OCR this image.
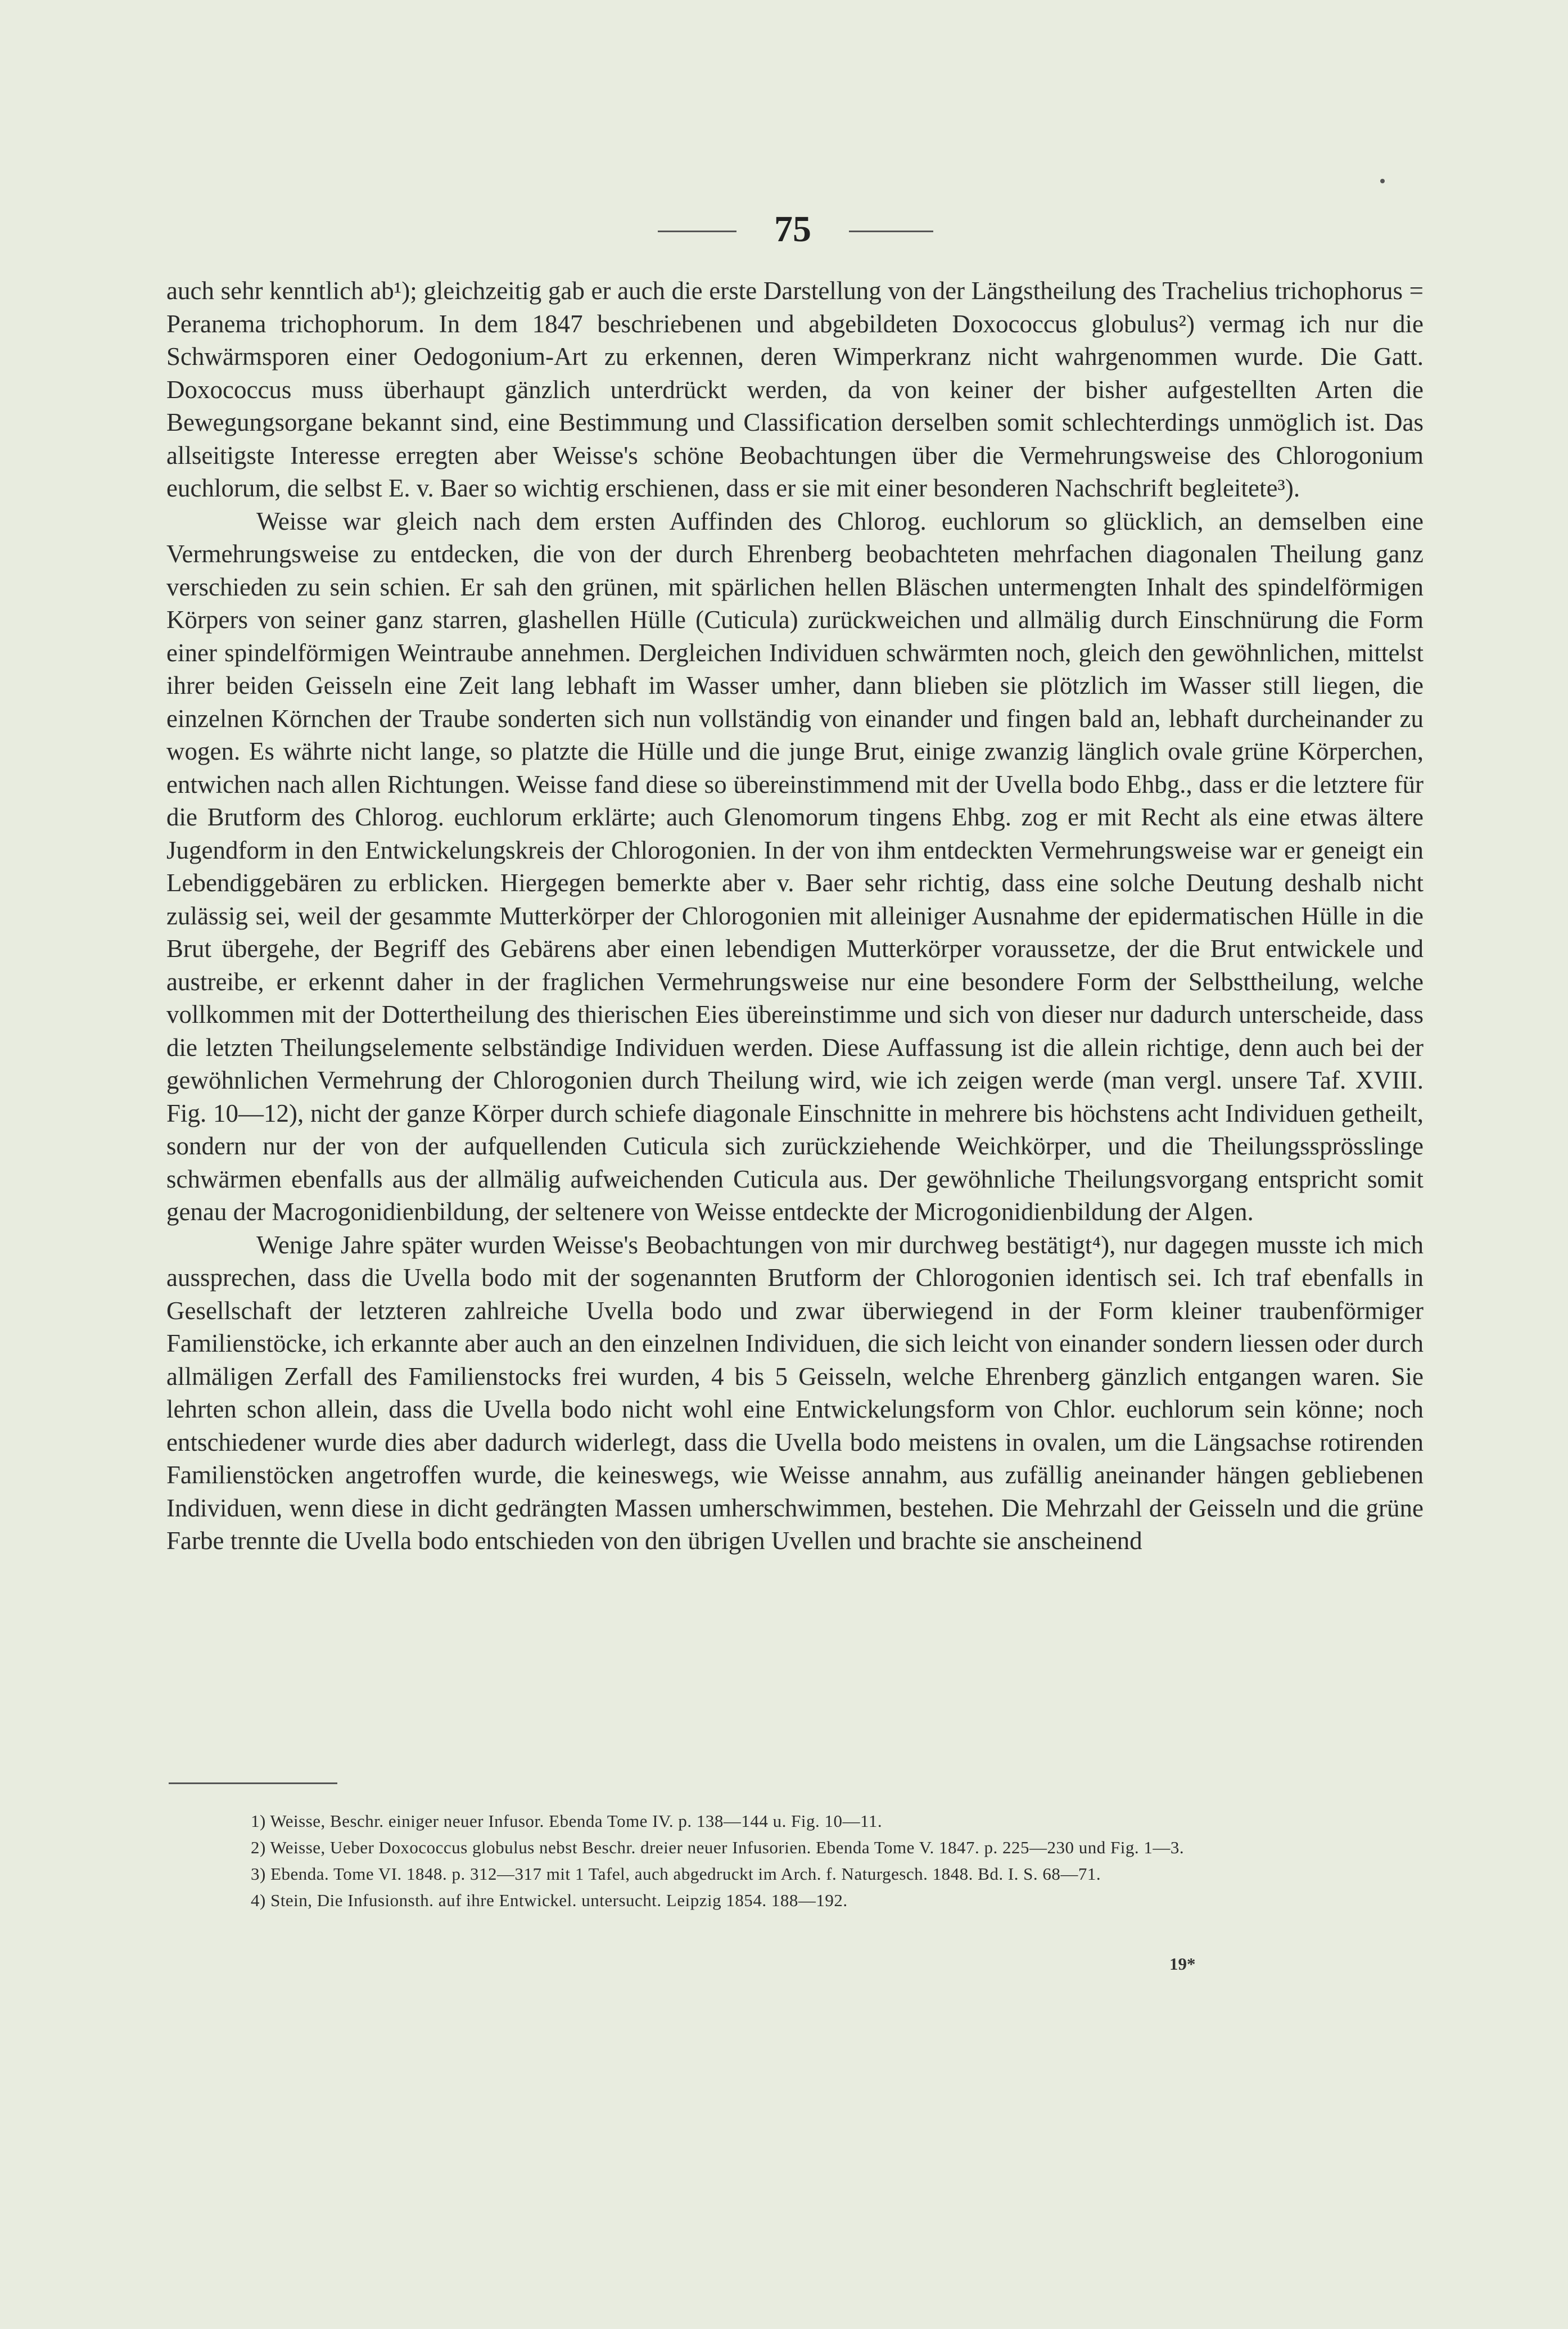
75

auch sehr kenntlich ab¹); gleichzeitig gab er auch die erste Darstellung von der Längstheilung des Trachelius trichophorus = Peranema trichophorum. In dem 1847 beschriebenen und abgebildeten Doxococcus globulus²) vermag ich nur die Schwärmsporen einer Oedogonium-Art zu erkennen, deren Wimperkranz nicht wahrgenommen wurde. Die Gatt. Doxococcus muss überhaupt gänzlich unterdrückt werden, da von keiner der bisher aufgestellten Arten die Bewegungsorgane bekannt sind, eine Bestimmung und Classification derselben somit schlechterdings unmöglich ist. Das allseitigste Interesse erregten aber Weisse's schöne Beobachtungen über die Vermehrungsweise des Chlorogonium euchlorum, die selbst E. v. Baer so wichtig erschienen, dass er sie mit einer besonderen Nachschrift begleitete³).

Weisse war gleich nach dem ersten Auffinden des Chlorog. euchlorum so glücklich, an demselben eine Vermehrungsweise zu entdecken, die von der durch Ehrenberg beobachteten mehrfachen diagonalen Theilung ganz verschieden zu sein schien. Er sah den grünen, mit spärlichen hellen Bläschen untermengten Inhalt des spindelförmigen Körpers von seiner ganz starren, glashellen Hülle (Cuticula) zurückweichen und allmälig durch Einschnürung die Form einer spindelförmigen Weintraube annehmen. Dergleichen Individuen schwärmten noch, gleich den gewöhnlichen, mittelst ihrer beiden Geisseln eine Zeit lang lebhaft im Wasser umher, dann blieben sie plötzlich im Wasser still liegen, die einzelnen Körnchen der Traube sonderten sich nun vollständig von einander und fingen bald an, lebhaft durcheinander zu wogen. Es währte nicht lange, so platzte die Hülle und die junge Brut, einige zwanzig länglich ovale grüne Körperchen, entwichen nach allen Richtungen. Weisse fand diese so übereinstimmend mit der Uvella bodo Ehbg., dass er die letztere für die Brutform des Chlorog. euchlorum erklärte; auch Glenomorum tingens Ehbg. zog er mit Recht als eine etwas ältere Jugendform in den Entwickelungskreis der Chlorogonien. In der von ihm entdeckten Vermehrungsweise war er geneigt ein Lebendiggebären zu erblicken. Hiergegen bemerkte aber v. Baer sehr richtig, dass eine solche Deutung deshalb nicht zulässig sei, weil der gesammte Mutterkörper der Chlorogonien mit alleiniger Ausnahme der epidermatischen Hülle in die Brut übergehe, der Begriff des Gebärens aber einen lebendigen Mutterkörper voraussetze, der die Brut entwickele und austreibe, er erkennt daher in der fraglichen Vermehrungsweise nur eine besondere Form der Selbsttheilung, welche vollkommen mit der Dottertheilung des thierischen Eies übereinstimme und sich von dieser nur dadurch unterscheide, dass die letzten Theilungselemente selbständige Individuen werden. Diese Auffassung ist die allein richtige, denn auch bei der gewöhnlichen Vermehrung der Chlorogonien durch Theilung wird, wie ich zeigen werde (man vergl. unsere Taf. XVIII. Fig. 10—12), nicht der ganze Körper durch schiefe diagonale Einschnitte in mehrere bis höchstens acht Individuen getheilt, sondern nur der von der aufquellenden Cuticula sich zurückziehende Weichkörper, und die Theilungssprösslinge schwärmen ebenfalls aus der allmälig aufweichenden Cuticula aus. Der gewöhnliche Theilungsvorgang entspricht somit genau der Macrogonidienbildung, der seltenere von Weisse entdeckte der Microgonidienbildung der Algen.

Wenige Jahre später wurden Weisse's Beobachtungen von mir durchweg bestätigt⁴), nur dagegen musste ich mich aussprechen, dass die Uvella bodo mit der sogenannten Brutform der Chlorogonien identisch sei. Ich traf ebenfalls in Gesellschaft der letzteren zahlreiche Uvella bodo und zwar überwiegend in der Form kleiner traubenförmiger Familienstöcke, ich erkannte aber auch an den einzelnen Individuen, die sich leicht von einander sondern liessen oder durch allmäligen Zerfall des Familienstocks frei wurden, 4 bis 5 Geisseln, welche Ehrenberg gänzlich entgangen waren. Sie lehrten schon allein, dass die Uvella bodo nicht wohl eine Entwickelungsform von Chlor. euchlorum sein könne; noch entschiedener wurde dies aber dadurch widerlegt, dass die Uvella bodo meistens in ovalen, um die Längsachse rotirenden Familienstöcken angetroffen wurde, die keineswegs, wie Weisse annahm, aus zufällig aneinander hängen gebliebenen Individuen, wenn diese in dicht gedrängten Massen umherschwimmen, bestehen. Die Mehrzahl der Geisseln und die grüne Farbe trennte die Uvella bodo entschieden von den übrigen Uvellen und brachte sie anscheinend

1) Weisse, Beschr. einiger neuer Infusor. Ebenda Tome IV. p. 138—144 u. Fig. 10—11.

2) Weisse, Ueber Doxococcus globulus nebst Beschr. dreier neuer Infusorien. Ebenda Tome V. 1847. p. 225—230 und Fig. 1—3.

3) Ebenda. Tome VI. 1848. p. 312—317 mit 1 Tafel, auch abgedruckt im Arch. f. Naturgesch. 1848. Bd. I. S. 68—71.

4) Stein, Die Infusionsth. auf ihre Entwickel. untersucht. Leipzig 1854. 188—192.

19*
